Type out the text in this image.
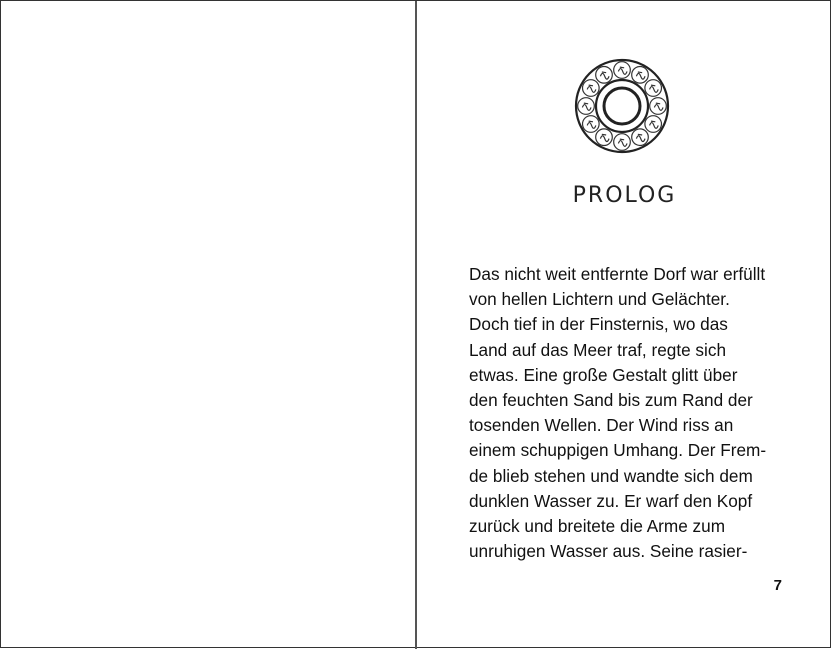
PROLOG
Das nicht weit entfernte Dorf war erfüllt
von hellen Lichtern und Gelächter.
Doch tief in der Finsternis, wo das
Land auf das Meer traf, regte sich
etwas. Eine große Gestalt glitt über
den feuchten Sand bis zum Rand der
tosenden Wellen. Der Wind riss an
einem schuppigen Umhang. Der Frem-
de blieb stehen und wandte sich dem
dunklen Wasser zu. Er warf den Kopf
zurück und breitete die Arme zum
unruhigen Wasser aus. Seine rasier-
7
